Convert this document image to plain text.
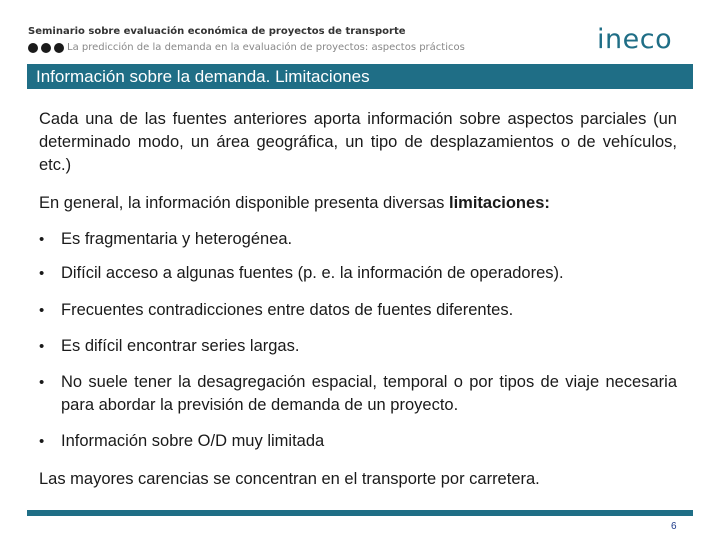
Seminario sobre evaluación económica de proyectos de transporte
La predicción de la demanda en la evaluación de proyectos: aspectos prácticos	ineco
Información sobre la demanda. Limitaciones
Cada una de las fuentes anteriores aporta información sobre aspectos parciales (un determinado modo, un área geográfica, un tipo de desplazamientos o de vehículos, etc.)
En general, la información disponible presenta diversas limitaciones:
• Es fragmentaria y heterogénea.
• Difícil acceso a algunas fuentes (p. e. la información de operadores).
• Frecuentes contradicciones entre datos de fuentes diferentes.
• Es difícil encontrar series largas.
• No suele tener la desagregación espacial, temporal o por tipos de viaje necesaria para abordar la previsión de demanda de un proyecto.
• Información sobre O/D muy limitada
Las mayores carencias se concentran en el transporte por carretera.
6
